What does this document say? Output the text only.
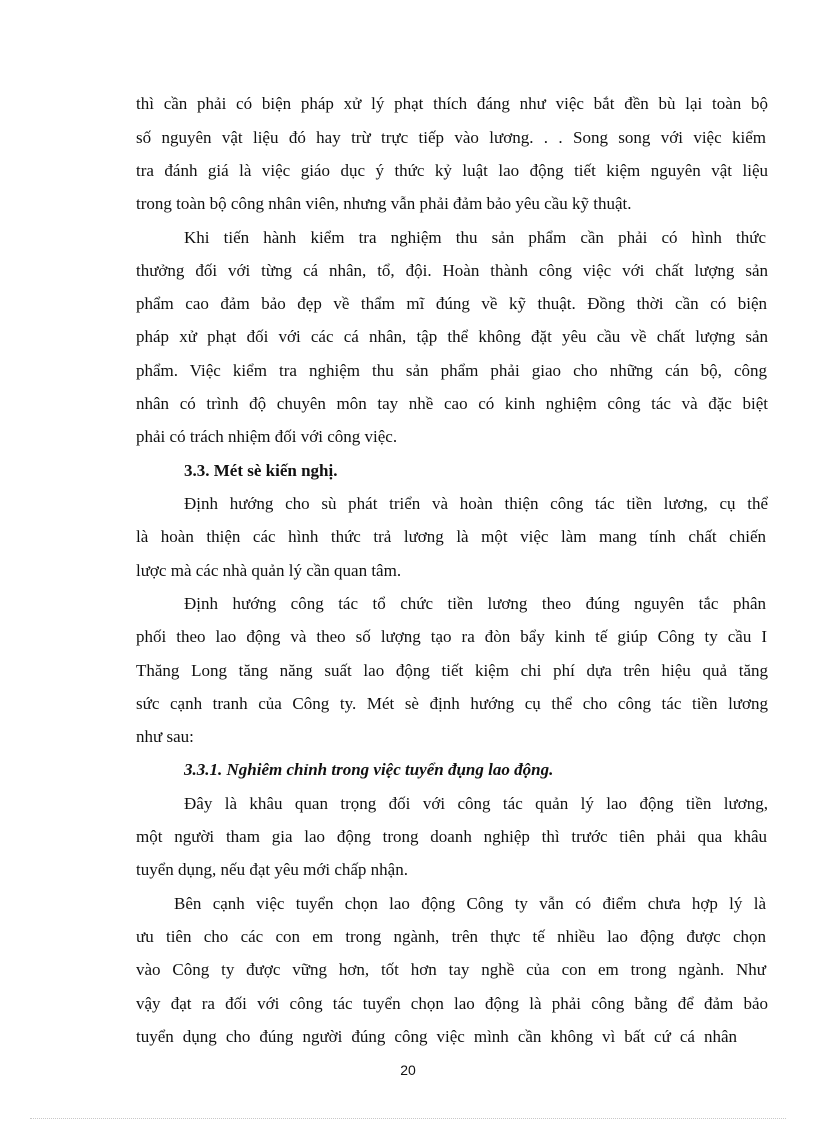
thì cần phải có biện pháp xử lý phạt thích đáng như việc bắt đền bù lại toàn bộ

số nguyên vật liệu đó hay trừ trực tiếp vào lương. . . Song song với việc kiểm

tra đánh giá là việc giáo dục ý thức kỷ luật lao động tiết kiệm nguyên vật liệu

trong toàn bộ công nhân viên, nhưng vẫn phải đảm bảo yêu cầu kỹ thuật.

Khi tiến hành kiểm tra nghiệm thu sản phẩm cần phải có hình thức

thưởng đối với từng cá nhân, tổ, đội. Hoàn thành công việc với chất lượng sản

phẩm cao đảm bảo đẹp về thẩm mĩ đúng về kỹ thuật. Đồng thời cần có biện

pháp xử phạt đối với các cá nhân, tập thể không đặt yêu cầu về chất lượng sản

phẩm. Việc kiểm tra nghiệm thu sản phẩm phải giao cho những cán bộ, công

nhân có trình độ chuyên môn tay nhề cao có kinh nghiệm công tác và đặc biệt

phải có trách nhiệm đối với công việc.

3.3. Mét sè kiến nghị.

Định hướng cho sù phát triển và hoàn thiện công tác tiền lương, cụ thể

là hoàn thiện các hình thức trả lương là một việc làm mang tính chất chiến

lược mà các nhà quản lý cần quan tâm.

Định hướng công tác tổ chức tiền lương theo đúng nguyên tắc phân

phối theo lao động và theo số lượng tạo ra đòn bẩy kinh tế giúp Công ty cầu I

Thăng Long tăng năng suất lao động tiết kiệm chi phí dựa trên hiệu quả tăng

sức cạnh tranh của Công ty. Mét sè định hướng cụ thể cho công tác tiền lương

như sau:

3.3.1. Nghiêm chỉnh trong việc tuyển đụng lao động.

Đây là khâu quan trọng đối với công tác quản lý lao động tiền lương,

một người tham gia lao động trong doanh nghiệp thì trước tiên phải qua khâu

tuyển dụng, nếu đạt yêu mới chấp nhận.

Bên cạnh việc tuyển chọn lao động Công ty vẫn có điểm chưa hợp lý là

ưu tiên cho các con em trong ngành, trên thực tế nhiều lao động được chọn

vào Công ty được vững hơn, tốt hơn tay nghề của con em trong ngành. Như

vậy đạt ra đối với công tác tuyển chọn lao động là phải công bằng để đảm bảo

tuyển dụng cho đúng người đúng công việc mình cần không vì bất cứ cá nhân

20
